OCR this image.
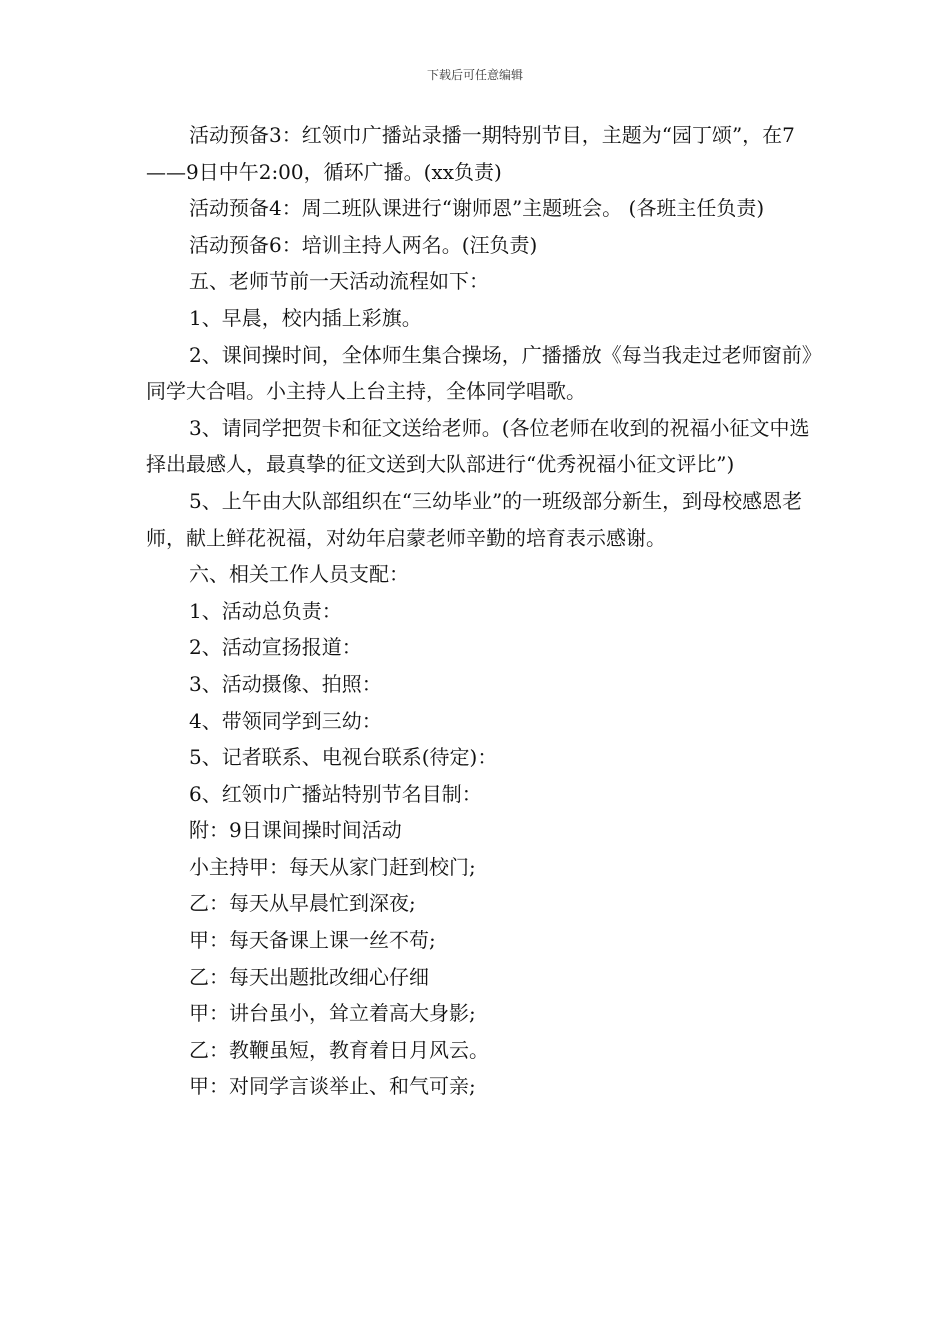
下载后可任意编辑

活动预备3：红领巾广播站录播一期特别节目，主题为“园丁颂”，在7——9日中午2:00，循环广播。(xx负责)

活动预备4：周二班队课进行“谢师恩”主题班会。 (各班主任负责)

活动预备6：培训主持人两名。(汪负责)

五、老师节前一天活动流程如下：

1、早晨，校内插上彩旗。

2、课间操时间，全体师生集合操场，广播播放《每当我走过老师窗前》同学大合唱。小主持人上台主持，全体同学唱歌。

3、请同学把贺卡和征文送给老师。(各位老师在收到的祝福小征文中选择出最感人，最真挚的征文送到大队部进行“优秀祝福小征文评比”)

5、上午由大队部组织在“三幼毕业”的一班级部分新生，到母校感恩老师，献上鲜花祝福，对幼年启蒙老师辛勤的培育表示感谢。

六、相关工作人员支配：

1、活动总负责：

2、活动宣扬报道：

3、活动摄像、拍照：

4、带领同学到三幼：

5、记者联系、电视台联系(待定)：

6、红领巾广播站特别节名目制：

附：9日课间操时间活动

小主持甲：每天从家门赶到校门;

乙：每天从早晨忙到深夜;

甲：每天备课上课一丝不苟;

乙：每天出题批改细心仔细

甲：讲台虽小，耸立着高大身影;

乙：教鞭虽短，教育着日月风云。

甲：对同学言谈举止、和气可亲;
